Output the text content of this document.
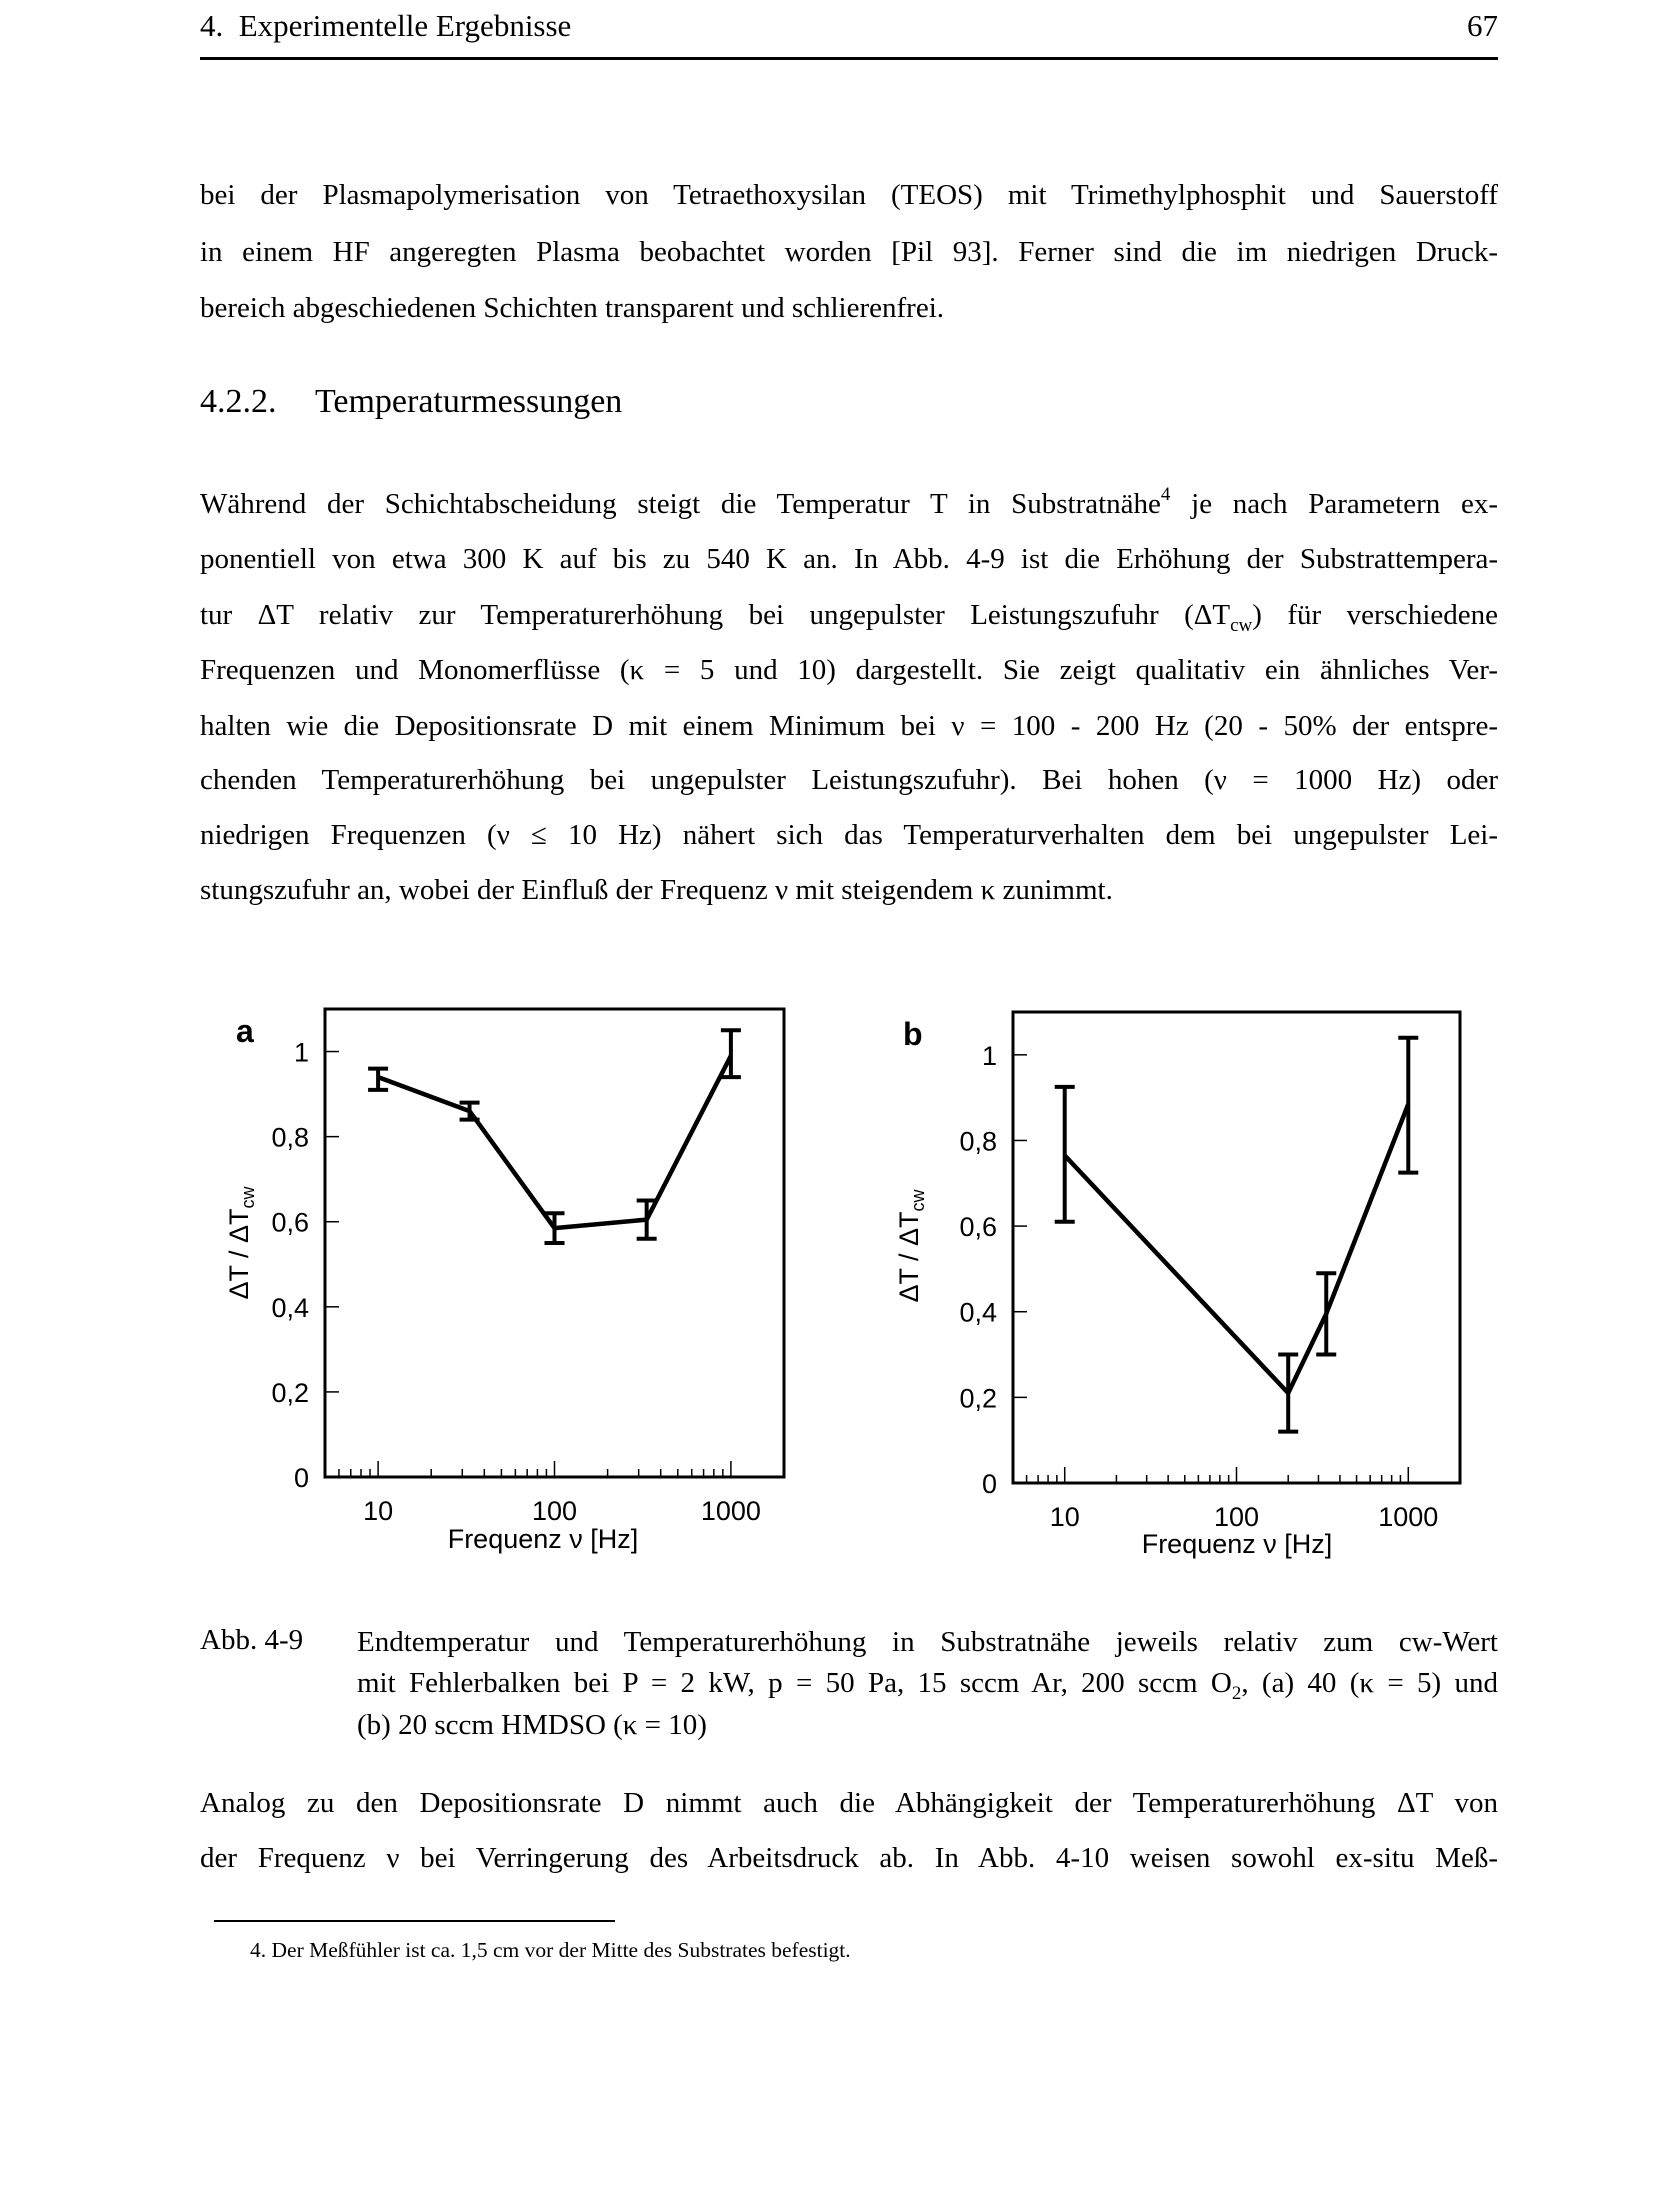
4.  Experimentelle Ergebnisse	67
bei der Plasmapolymerisation von Tetraethoxysilan (TEOS) mit Trimethylphosphit und Sauerstoff
in einem HF angeregten Plasma beobachtet worden [Pil 93]. Ferner sind die im niedrigen Druck-
bereich abgeschiedenen Schichten transparent und schlierenfrei.
4.2.2. Temperaturmessungen
Während der Schichtabscheidung steigt die Temperatur T in Substratnähe$^4$ je nach Parametern ex-
ponentiell von etwa 300 K auf bis zu 540 K an. In Abb. 4-9 ist die Erhöhung der Substrattempera-
tur ΔT relativ zur Temperaturerhöhung bei ungepulster Leistungszufuhr $(\Delta T_{cw})$ für verschiedene
Frequenzen und Monomerflüsse (κ = 5 und 10) dargestellt. Sie zeigt qualitativ ein ähnliches Ver-
halten wie die Depositionsrate D mit einem Minimum bei ν = 100 - 200 Hz (20 - 50% der entspre-
chenden Temperaturerhöhung bei ungepulster Leistungszufuhr). Bei hohen (ν = 1000 Hz) oder
niedrigen Frequenzen (ν ≤ 10 Hz) nähert sich das Temperaturverhalten dem bei ungepulster Lei-
stungszufuhr an, wobei der Einfluß der Frequenz ν mit steigendem κ zunimmt.
a
0
0,2
0,4
0,6
0,8
1
10	100	1000
Frequenz ν [Hz]
ΔT / $\Delta T_{cw}$
b
0
0,2
0,4
0,6
0,8
1
10	100	1000
Frequenz ν [Hz]
ΔT / $\Delta T_{cw}$
Abb. 4-9 Endtemperatur und Temperaturerhöhung in Substratnähe jeweils relativ zum cw-Wert
mit Fehlerbalken bei P = 2 kW, p = 50 Pa, 15 sccm Ar, 200 sccm $O_2$, (a) 40 (κ = 5) und
(b) 20 sccm HMDSO (κ = 10)
Analog zu den Depositionsrate D nimmt auch die Abhängigkeit der Temperaturerhöhung ΔT von
der Frequenz ν bei Verringerung des Arbeitsdruck ab. In Abb. 4-10 weisen sowohl ex-situ Meß-
4. Der Meßfühler ist ca. 1,5 cm vor der Mitte des Substrates befestigt.
